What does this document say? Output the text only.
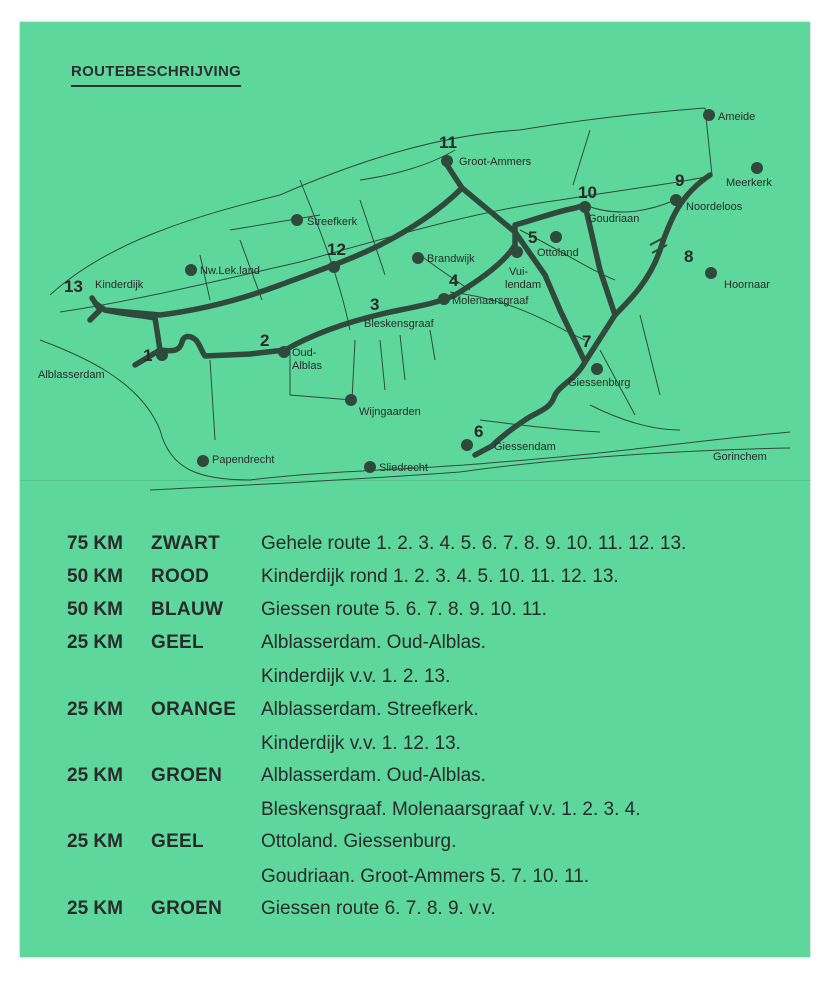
ROUTEBESCHRIJVING
Ameide
Groot-Ammers
Meerkerk
Goudriaan
Noordeloos
Streefkerk
Ottoland
Brandwijk
Nw.Lek.land
Kinderdijk
Vui-
lendam
Molenaarsgraaf
Hoornaar
Bleskensgraaf
Alblasserdam
Oud-
Alblas
Giessenburg
Wijngaarden
Giessendam
Gorinchem
Papendrecht
Sliedrecht
1
2
3
4
5
6
7
8
9
10
11
12
13
75 KM ZWART Gehele route 1. 2. 3. 4. 5. 6. 7. 8. 9. 10. 11. 12. 13.
50 KM ROOD	Kinderdijk rond 1. 2. 3. 4. 5. 10. 11. 12. 13.
50 KM BLAUW Giessen route 5. 6. 7. 8. 9. 10. 11.
25 KM GEEL	Alblasserdam. Oud-Alblas.
Kinderdijk v.v. 1. 2. 13.
25 KM ORANGE Alblasserdam. Streefkerk.
Kinderdijk v.v. 1. 12. 13.
25 KM GROEN Alblasserdam. Oud-Alblas.
Bleskensgraaf. Molenaarsgraaf v.v. 1. 2. 3. 4.
25 KM GEEL	Ottoland. Giessenburg.
Goudriaan. Groot-Ammers 5. 7. 10. 11.
25 KM GROEN Giessen route 6. 7. 8. 9. v.v.
